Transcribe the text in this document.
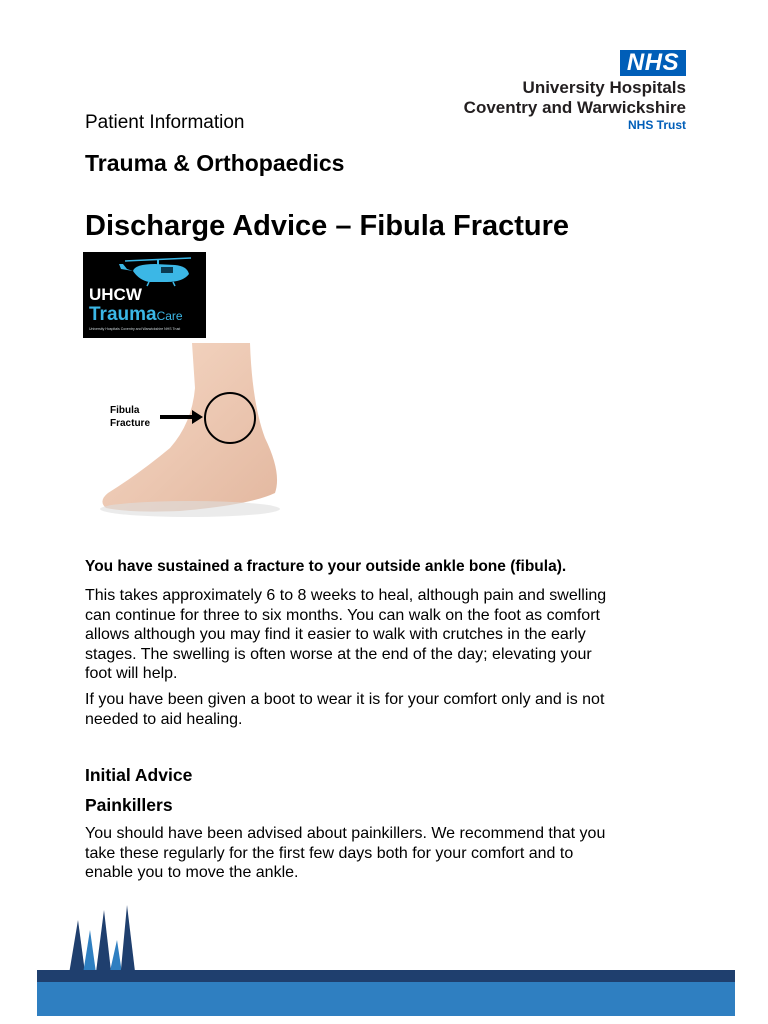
NHS
University Hospitals
Coventry and Warwickshire
NHS Trust
Patient Information
Trauma & Orthopaedics
Discharge Advice – Fibula Fracture
UHCW
TraumaCare
University Hospitals Coventry and Warwickshire NHS Trust
Fibula
Fracture
You have sustained a fracture to your outside ankle bone (fibula).
This takes approximately 6 to 8 weeks to heal, although pain and swelling
can continue for three to six months. You can walk on the foot as comfort
allows although you may find it easier to walk with crutches in the early
stages. The swelling is often worse at the end of the day; elevating your
foot will help.
If you have been given a boot to wear it is for your comfort only and is not
needed to aid healing.
Initial Advice
Painkillers
You should have been advised about painkillers. We recommend that you
take these regularly for the first few days both for your comfort and to
enable you to move the ankle.
